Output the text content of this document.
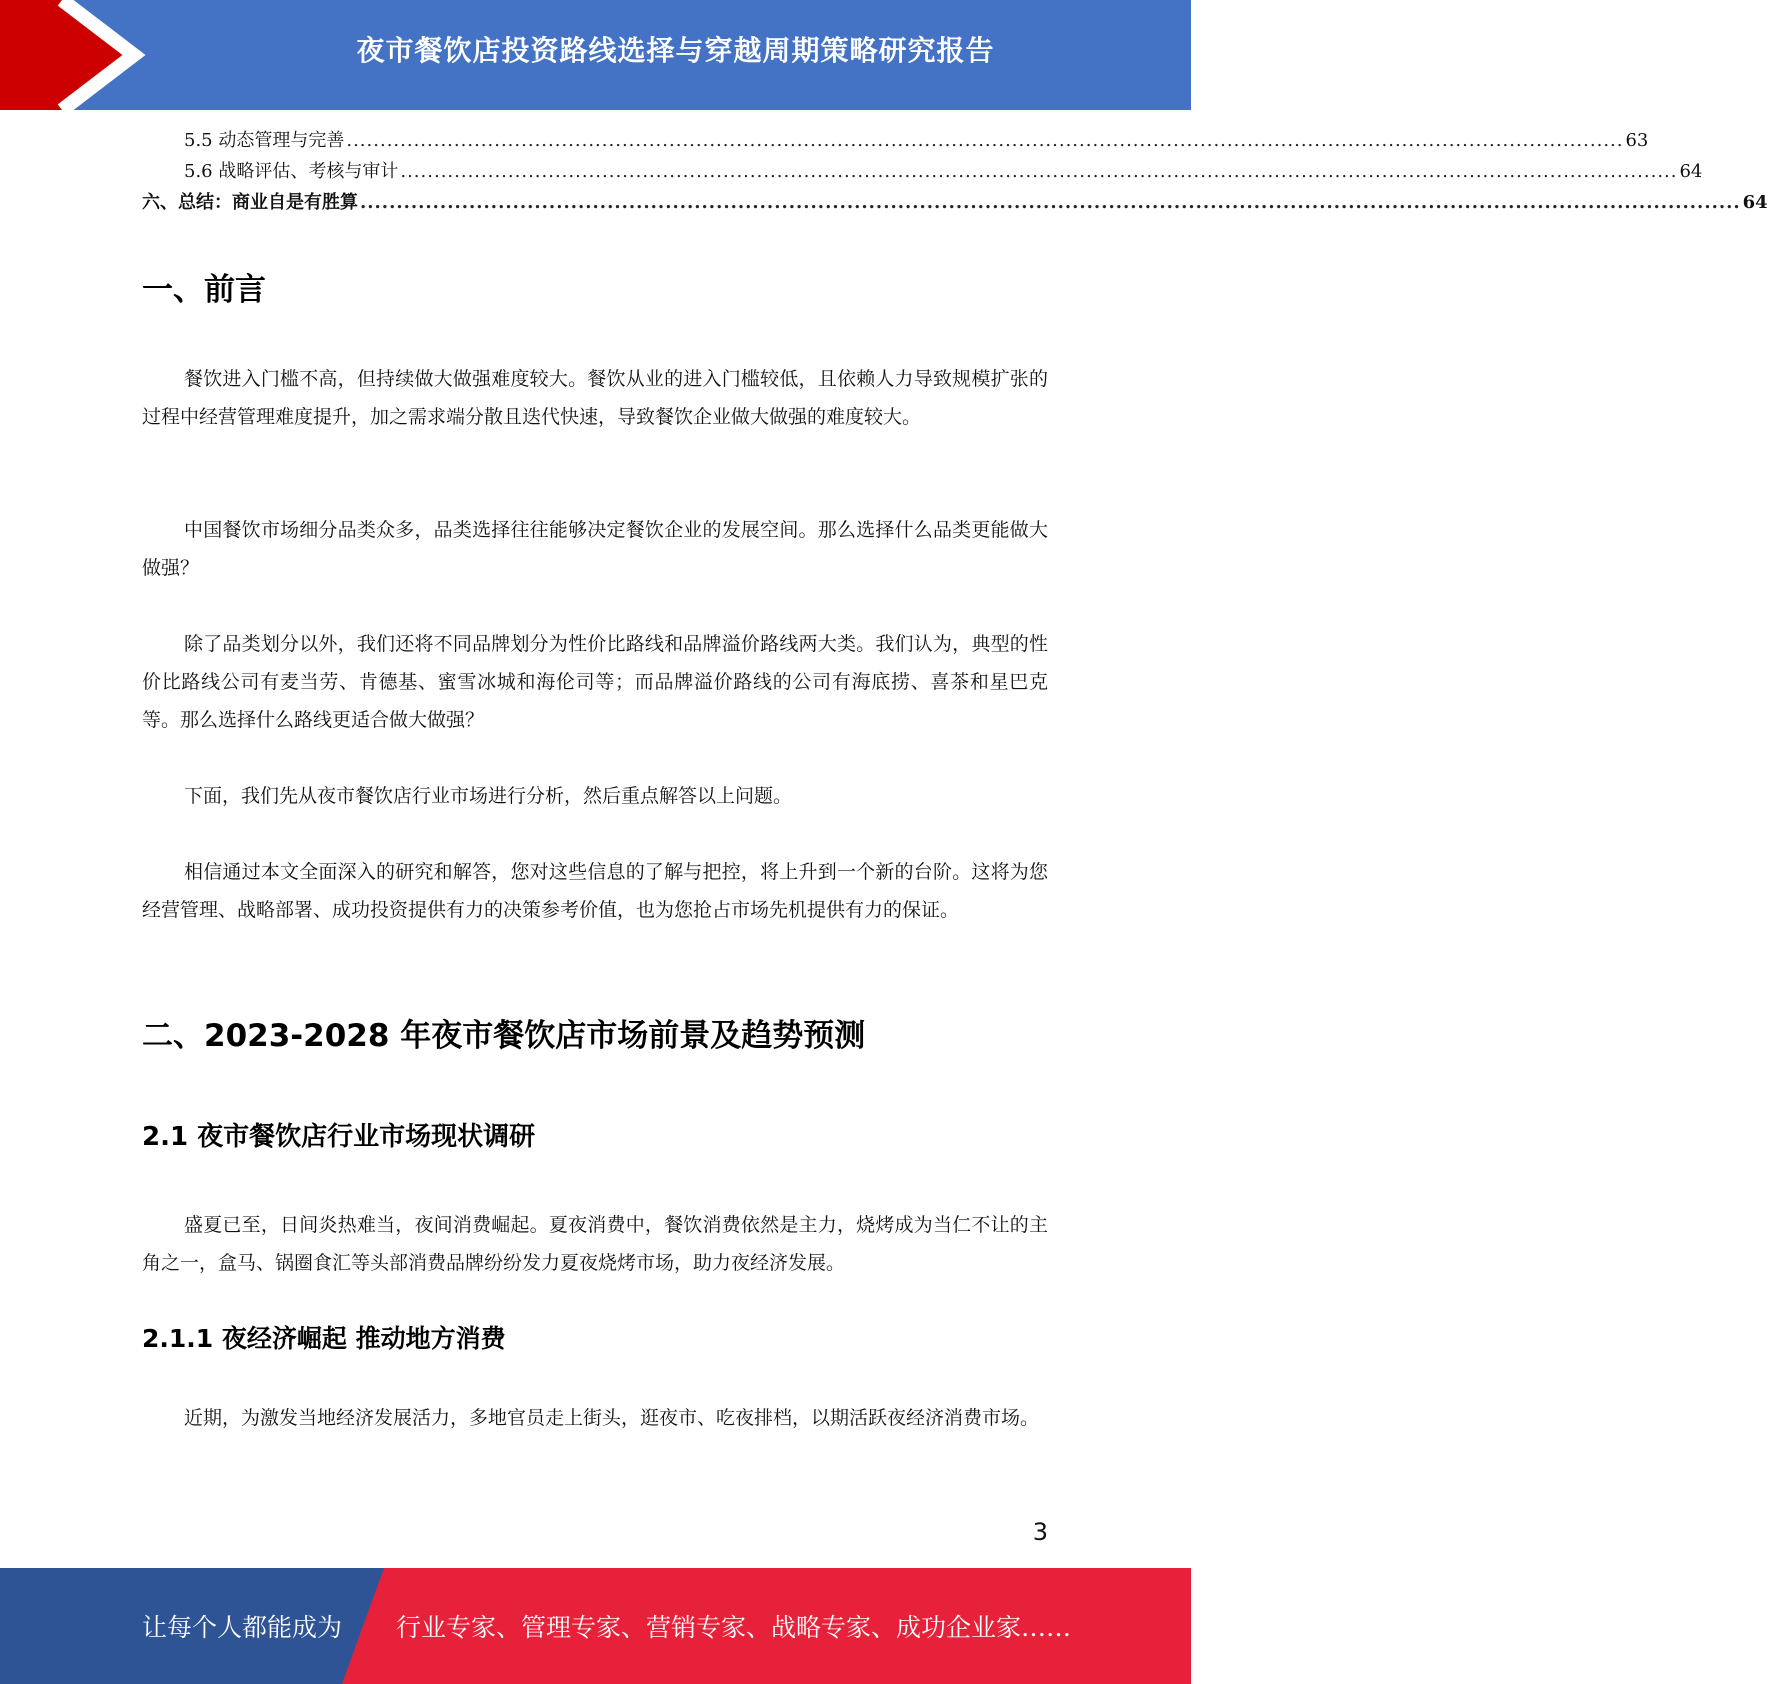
夜市餐饮店投资路线选择与穿越周期策略研究报告
5.5 动态管理与完善 .............................................................................................................................................................................................. 63
5.6 战略评估、考核与审计 .............................................................................................................................................................................................. 64
六、总结：商业自是有胜算 .............................................................................................................................................................................................. 64
一、前言

餐饮进入门槛不高，但持续做大做强难度较大。餐饮从业的进入门槛较低，且依赖人力导致规模扩张的过程中经营管理难度提升，加之需求端分散且迭代快速，导致餐饮企业做大做强的难度较大。

中国餐饮市场细分品类众多，品类选择往往能够决定餐饮企业的发展空间。那么选择什么品类更能做大做强？

除了品类划分以外，我们还将不同品牌划分为性价比路线和品牌溢价路线两大类。我们认为，典型的性价比路线公司有麦当劳、肯德基、蜜雪冰城和海伦司等；而品牌溢价路线的公司有海底捞、喜茶和星巴克等。那么选择什么路线更适合做大做强？

下面，我们先从夜市餐饮店行业市场进行分析，然后重点解答以上问题。

相信通过本文全面深入的研究和解答，您对这些信息的了解与把控，将上升到一个新的台阶。这将为您经营管理、战略部署、成功投资提供有力的决策参考价值，也为您抢占市场先机提供有力的保证。

二、2023-2028 年夜市餐饮店市场前景及趋势预测
2.1 夜市餐饮店行业市场现状调研

盛夏已至，日间炎热难当，夜间消费崛起。夏夜消费中，餐饮消费依然是主力，烧烤成为当仁不让的主角之一，盒马、锅圈食汇等头部消费品牌纷纷发力夏夜烧烤市场，助力夜经济发展。

2.1.1 夜经济崛起 推动地方消费

近期，为激发当地经济发展活力，多地官员走上街头，逛夜市、吃夜排档，以期活跃夜经济消费市场。

3
让每个人都能成为 行业专家、管理专家、营销专家、战略专家、成功企业家……
